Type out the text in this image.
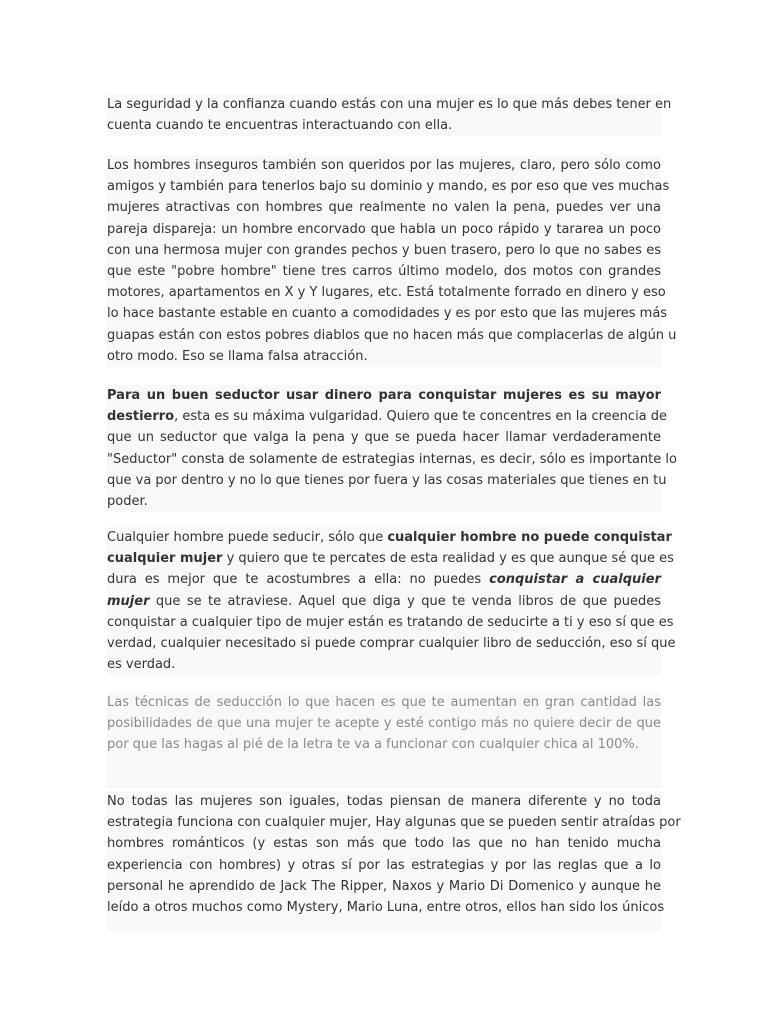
La seguridad y la confianza cuando estás con una mujer es lo que más debes tener en
cuenta cuando te encuentras interactuando con ella.
Los hombres inseguros también son queridos por las mujeres, claro, pero sólo como
amigos y también para tenerlos bajo su dominio y mando, es por eso que ves muchas
mujeres atractivas con hombres que realmente no valen la pena, puedes ver una
pareja dispareja: un hombre encorvado que habla un poco rápido y tararea un poco
con una hermosa mujer con grandes pechos y buen trasero, pero lo que no sabes es
que este "pobre hombre" tiene tres carros último modelo, dos motos con grandes
motores, apartamentos en X y Y lugares, etc. Está totalmente forrado en dinero y eso
lo hace bastante estable en cuanto a comodidades y es por esto que las mujeres más
guapas están con estos pobres diablos que no hacen más que complacerlas de algún u
otro modo. Eso se llama falsa atracción.
Para un buen seductor usar dinero para conquistar mujeres es su mayor
destierro, esta es su máxima vulgaridad. Quiero que te concentres en la creencia de
que un seductor que valga la pena y que se pueda hacer llamar verdaderamente
"Seductor" consta de solamente de estrategias internas, es decir, sólo es importante lo
que va por dentro y no lo que tienes por fuera y las cosas materiales que tienes en tu
poder.
Cualquier hombre puede seducir, sólo que cualquier hombre no puede conquistar
cualquier mujer y quiero que te percates de esta realidad y es que aunque sé que es
dura es mejor que te acostumbres a ella: no puedes conquistar a cualquier
mujer que se te atraviese. Aquel que diga y que te venda libros de que puedes
conquistar a cualquier tipo de mujer están es tratando de seducirte a ti y eso sí que es
verdad, cualquier necesitado si puede comprar cualquier libro de seducción, eso sí que
es verdad.
Las técnicas de seducción lo que hacen es que te aumentan en gran cantidad las
posibilidades de que una mujer te acepte y esté contigo más no quiere decir de que
por que las hagas al pié de la letra te va a funcionar con cualquier chica al 100%.
No todas las mujeres son iguales, todas piensan de manera diferente y no toda
estrategia funciona con cualquier mujer, Hay algunas que se pueden sentir atraídas por
hombres románticos (y estas son más que todo las que no han tenido mucha
experiencia con hombres) y otras sí por las estrategias y por las reglas que a lo
personal he aprendido de Jack The Ripper, Naxos y Mario Di Domenico y aunque he
leído a otros muchos como Mystery, Mario Luna, entre otros, ellos han sido los únicos
